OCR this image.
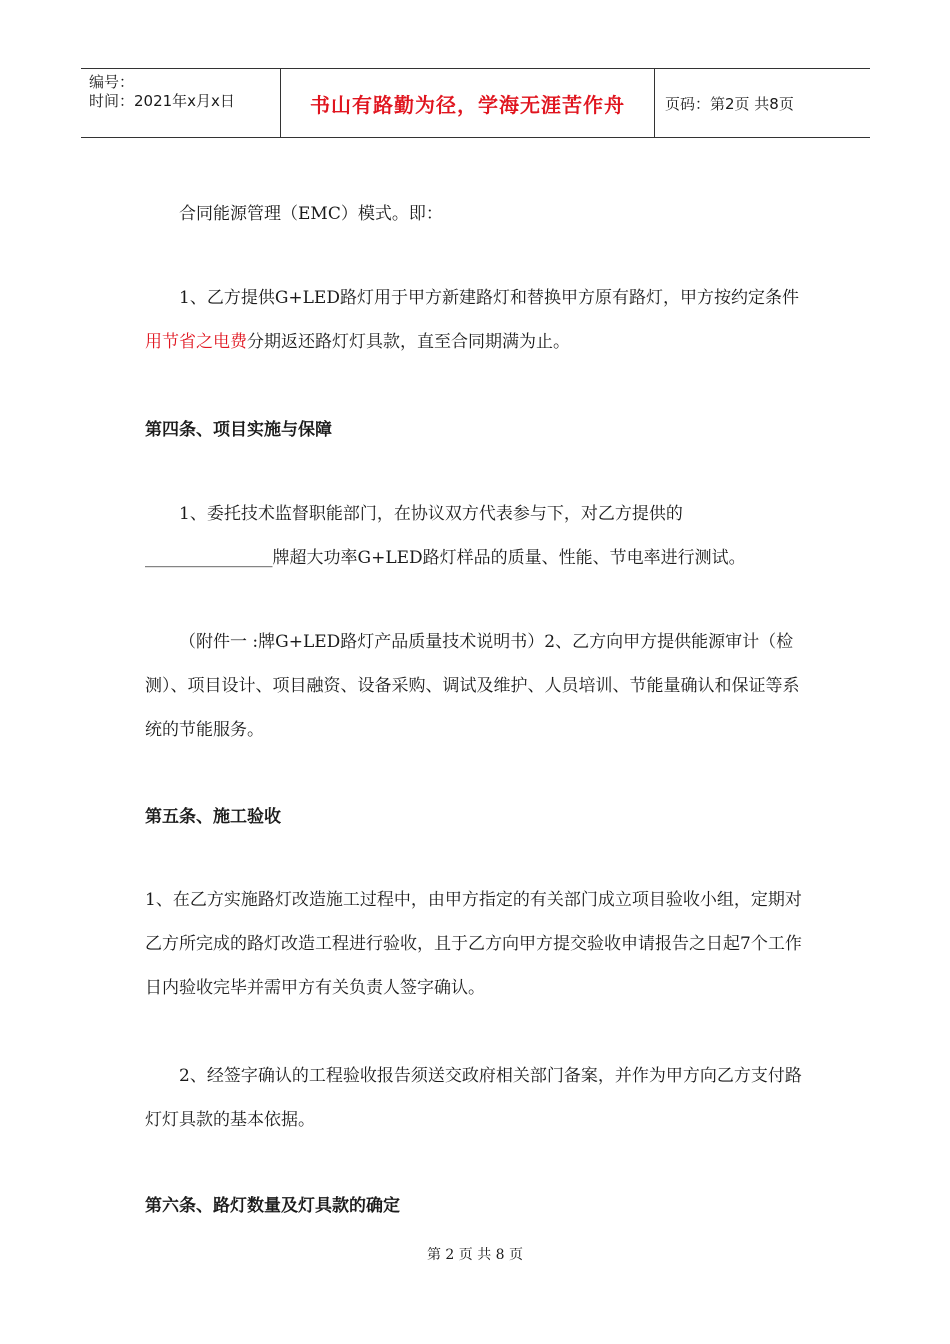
编号：
时间：2021年x月x日	书山有路勤为径，学海无涯苦作舟	页码：第2页 共8页

合同能源管理（EMC）模式。即：

1、乙方提供G+LED路灯用于甲方新建路灯和替换甲方原有路灯，甲方按约定条件用节省之电费分期返还路灯灯具款，直至合同期满为止。

第四条、项目实施与保障

1、委托技术监督职能部门，在协议双方代表参与下，对乙方提供的_______________牌超大功率G+LED路灯样品的质量、性能、节电率进行测试。

（附件一 :牌G+LED路灯产品质量技术说明书）2、乙方向甲方提供能源审计（检测）、项目设计、项目融资、设备采购、调试及维护、人员培训、节能量确认和保证等系统的节能服务。

第五条、施工验收

1、在乙方实施路灯改造施工过程中，由甲方指定的有关部门成立项目验收小组，定期对乙方所完成的路灯改造工程进行验收，且于乙方向甲方提交验收申请报告之日起7个工作日内验收完毕并需甲方有关负责人签字确认。

2、经签字确认的工程验收报告须送交政府相关部门备案，并作为甲方向乙方支付路灯灯具款的基本依据。

第六条、路灯数量及灯具款的确定

第 2 页 共 8 页
